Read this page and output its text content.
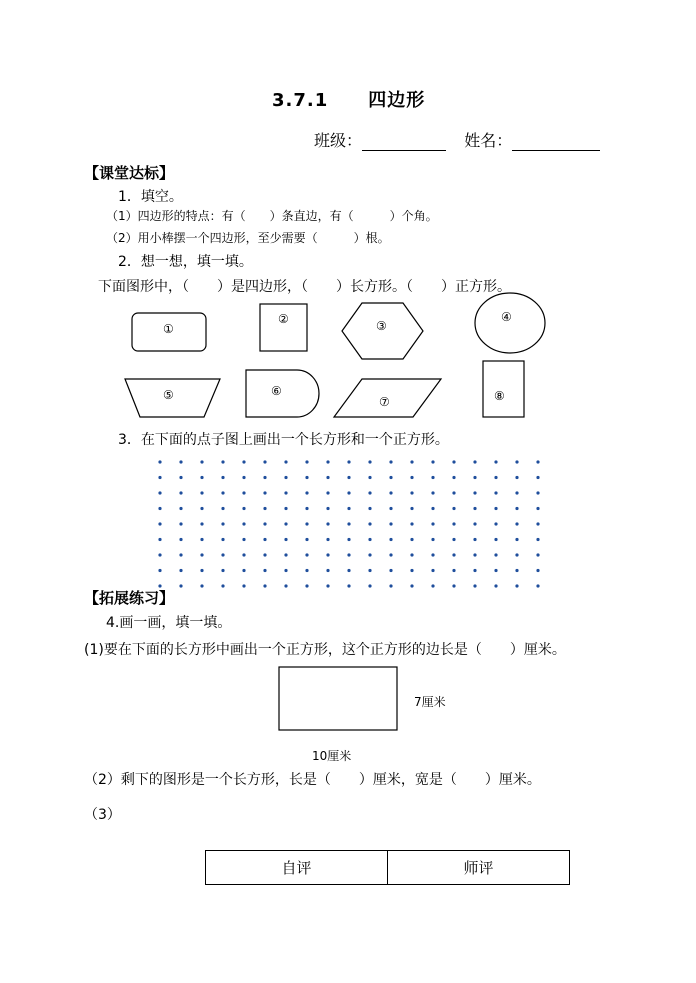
3.7.1 四边形
班级：	姓名：
【课堂达标】
1．填空。
（1）四边形的特点：有（　　）条直边，有（　　　）个角。
（2）用小棒摆一个四边形，至少需要（　　　）根。
2．想一想，填一填。
下面图形中，（　　）是四边形，（　　）长方形。（　　）正方形。
①
②	③
④
⑤	⑥
⑦	⑧
3．在下面的点子图上画出一个长方形和一个正方形。
【拓展练习】
4.画一画，填一填。
(1)要在下面的长方形中画出一个正方形，这个正方形的边长是（　　）厘米。
7厘米
10厘米
（2）剩下的图形是一个长方形，长是（　　）厘米，宽是（　　）厘米。
（3）
自评	师评
